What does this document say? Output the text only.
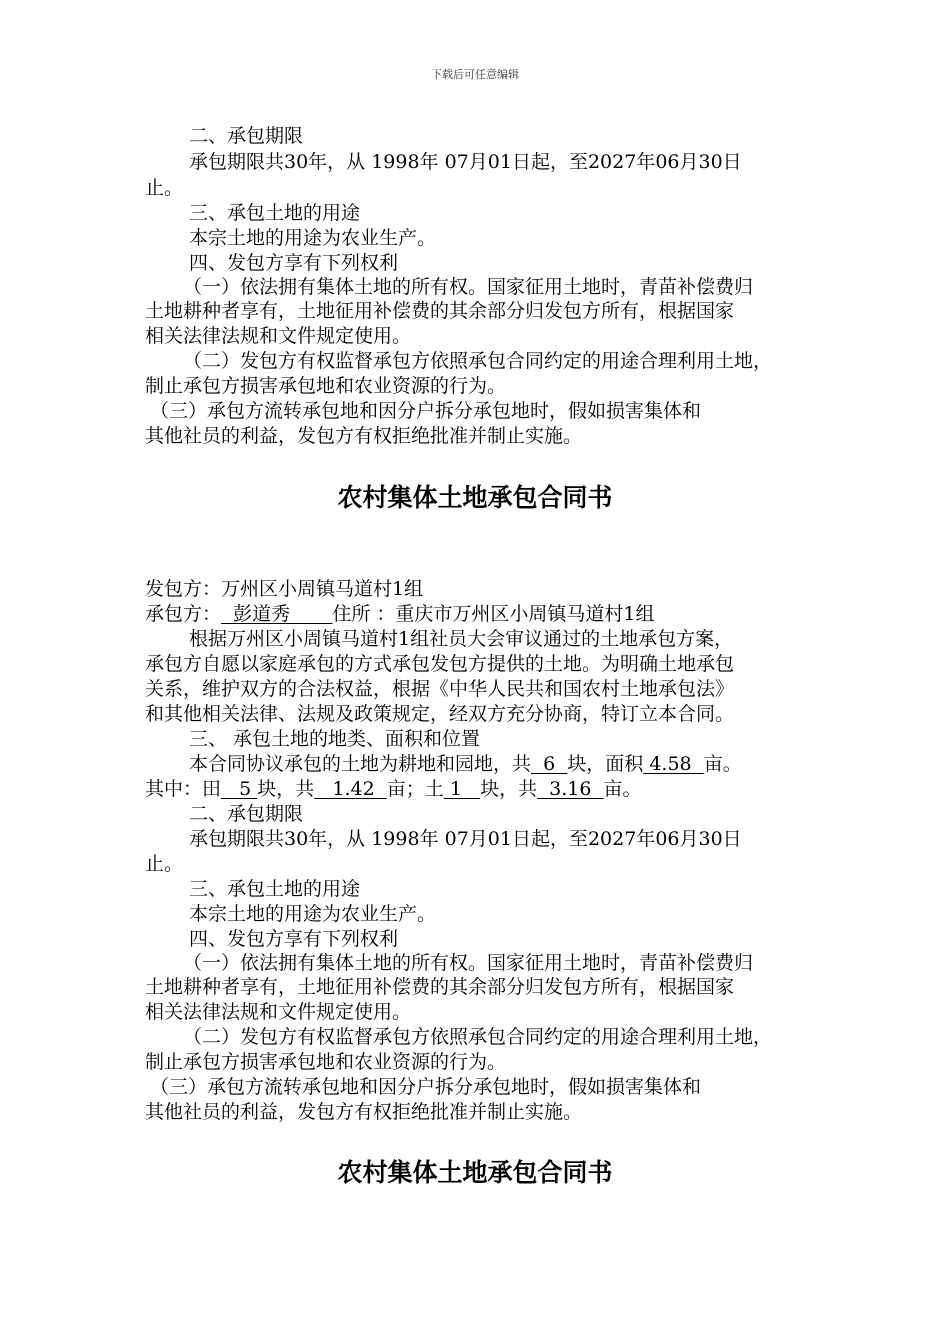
下载后可任意编辑
二、承包期限
承包期限共30年，从 1998年 07月01日起，至2027年06月30日
止。
三、承包土地的用途
本宗土地的用途为农业生产。
四、发包方享有下列权利
（一）依法拥有集体土地的所有权。国家征用土地时，青苗补偿费归
土地耕种者享有，土地征用补偿费的其余部分归发包方所有，根据国家
相关法律法规和文件规定使用。
（二）发包方有权监督承包方依照承包合同约定的用途合理利用土地，
制止承包方损害承包地和农业资源的行为。
（三）承包方流转承包地和因分户拆分承包地时，假如损害集体和
其他社员的利益，发包方有权拒绝批准并制止实施。
农村集体土地承包合同书
发包方：万州区小周镇马道村1组
承包方：  彭道秀       住所 ：重庆市万州区小周镇马道村1组
根据万州区小周镇马道村1组社员大会审议通过的土地承包方案，
承包方自愿以家庭承包的方式承包发包方提供的土地。为明确土地承包
关系，维护双方的合法权益，根据《中华人民共和国农村土地承包法》
和其他相关法律、法规及政策规定，经双方充分协商，特订立本合同。
三、 承包土地的地类、面积和位置
本合同协议承包的土地为耕地和园地，共  6  块，面积 4.58  亩。
其中：田   5 块，共   1.42  亩；土 1   块，共  3.16  亩。
二、承包期限
承包期限共30年，从 1998年 07月01日起，至2027年06月30日
止。
三、承包土地的用途
本宗土地的用途为农业生产。
四、发包方享有下列权利
（一）依法拥有集体土地的所有权。国家征用土地时，青苗补偿费归
土地耕种者享有，土地征用补偿费的其余部分归发包方所有，根据国家
相关法律法规和文件规定使用。
（二）发包方有权监督承包方依照承包合同约定的用途合理利用土地，
制止承包方损害承包地和农业资源的行为。
（三）承包方流转承包地和因分户拆分承包地时，假如损害集体和
其他社员的利益，发包方有权拒绝批准并制止实施。
农村集体土地承包合同书
